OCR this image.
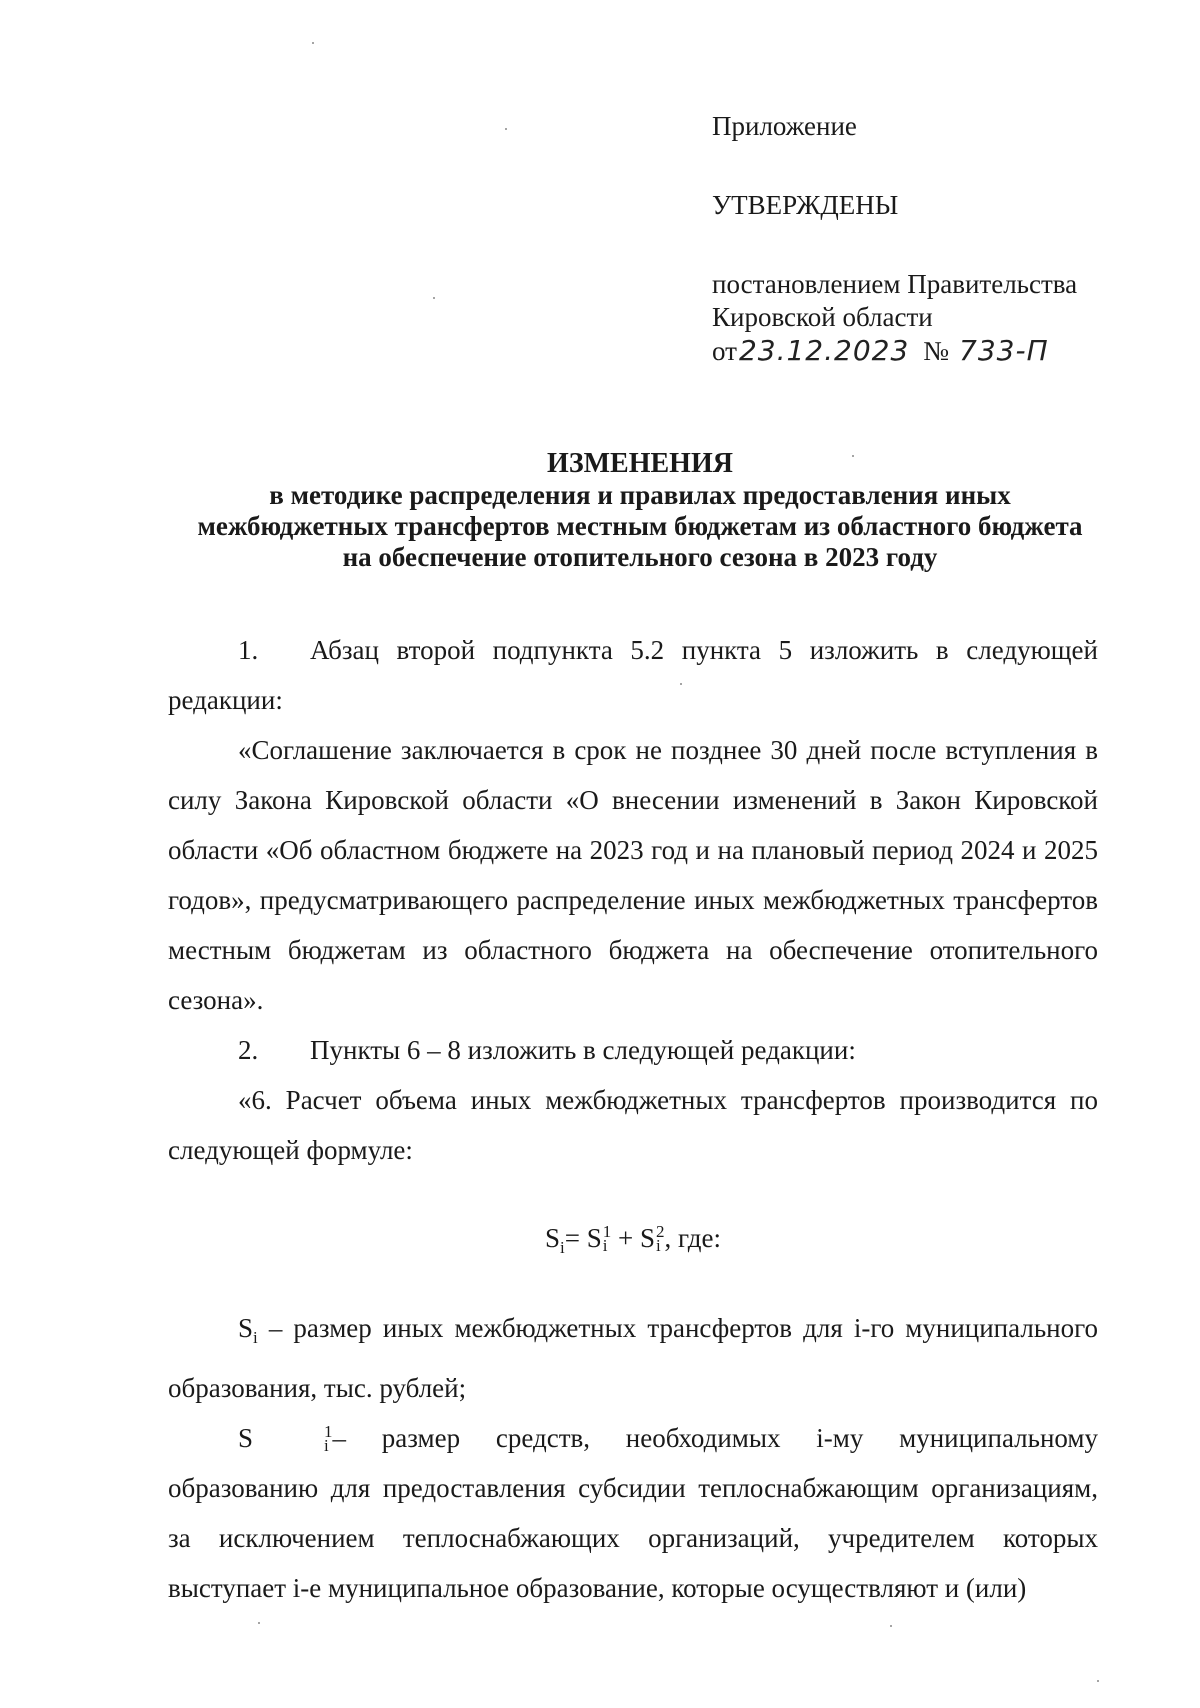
Приложение
УТВЕРЖДЕНЫ
постановлением Правительства
Кировской области
от23.12.2023 № 733-П
ИЗМЕНЕНИЯ
в методике распределения и правилах предоставления иных
межбюджетных трансфертов местным бюджетам из областного бюджета
на обеспечение отопительного сезона в 2023 году

1. Абзац второй подпункта 5.2 пункта 5 изложить в следующей редакции:

«Соглашение заключается в срок не позднее 30 дней после вступления в силу Закона Кировской области «О внесении изменений в Закон Кировской области «Об областном бюджете на 2023 год и на плановый период 2024 и 2025 годов», предусматривающего распределение иных межбюджетных трансфертов местным бюджетам из областного бюджета на обеспечение отопительного сезона».

2. Пункты 6 – 8 изложить в следующей редакции:

«6. Расчет объема иных межбюджетных трансфертов производится по следующей формуле:

$S_i= S$ 1
i + S 2
i , где:

$S_i$ – размер иных межбюджетных трансфертов для i-го муниципального образования, тыс. рублей;

S	1
i – размер средств, необходимых i-му муниципальному образованию для предоставления субсидии теплоснабжающим организациям, за исключением теплоснабжающих организаций, учредителем которых выступает i-е муниципальное образование, которые осуществляют и (или)
